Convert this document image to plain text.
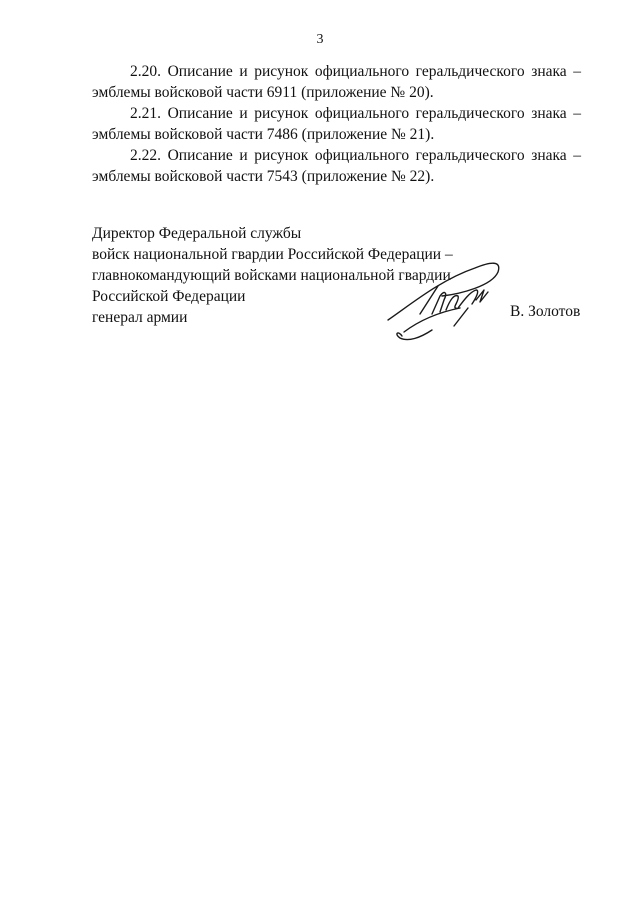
3

2.20. Описание и рисунок официального геральдического знака – эмблемы войсковой части 6911 (приложение № 20).

2.21. Описание и рисунок официального геральдического знака – эмблемы войсковой части 7486 (приложение № 21).

2.22. Описание и рисунок официального геральдического знака – эмблемы войсковой части 7543 (приложение № 22).

Директор Федеральной службы
войск национальной гвардии Российской Федерации –
главнокомандующий войсками национальной гвардии
Российской Федерации
генерал армии	В. Золотов
